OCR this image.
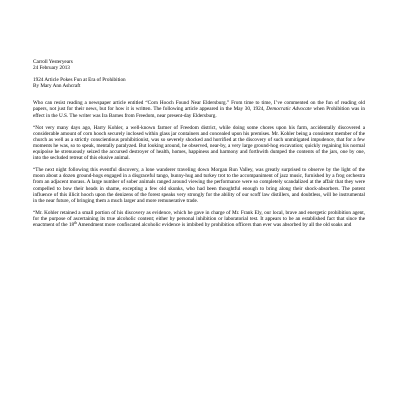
Carroll Yesteryears

24 February 2013

1924 Article Pokes Fun at Era of Prohibition

By Mary Ann Ashcraft

Who can resist reading a newspaper article entitled “Corn Hooch Found Near Eldersburg.” From time to time, I’ve commented on the fun of reading old papers, not just for their news, but for how it is written. The following article appeared in the May 30, 1924, Democratic Advocate when Prohibition was in effect in the U.S. The writer was Ira Barnes from Freedom, near present-day Eldersburg.

“Not very many days ago, Harry Kohler, a well-known farmer of Freedom district, while doing some chores upon his farm, accidentally discovered a considerable amount of corn hooch securely inclosed within glass jar containers and concealed upon his premises. Mr. Kohler being a consistent member of the church as well as a strictly conscientious prohibitionist, was so severely shocked and horrified at the discovery of such unmitigated impudence, that for a few moments he was, so to speak, mentally paralyzed. But looking around, he observed, near-by, a very large ground-hog excavation; quickly regaining his normal equipoise he strenuously seized the accursed destroyer of health, homes, happiness and harmony and forthwith dumped the contents of the jars, one by one, into the secluded retreat of this elusive animal.

“The next night following this eventful discovery, a lone wanderer traveling down Morgan Run Valley, was greatly surprised to observe by the light of the moon about a dozen ground-hogs engaged in a disgraceful tango, bunny-hug and turkey trot to the accompaniment of jazz music, furnished by a frog orchestra from an adjacent morass. A large number of sober animals ranged around viewing the performance were so completely scandalized at the affair that they were compelled to bow their heads in shame, excepting a few old skunks, who had been thoughtful enough to bring along their shock-absorbers. The potent influence of this illicit hooch upon the denizens of the forest speaks very strongly for the ability of our scoff law distillers, and doubtless, will be instrumental in the near future, of bringing them a much larger and more remunerative trade.

“Mr. Kohler retained a small portion of his discovery as evidence, which he gave in charge of Mr. Frank Ely, our local, brave and energetic prohibition agent, for the purpose of ascertaining its true alcoholic content; either by personal inhibition or laboratorial test. It appears to be an established fact that since the enactment of the 18th Amendment more confiscated alcoholic evidence is imbibed by prohibition officers than ever was absorbed by all the old soaks and
